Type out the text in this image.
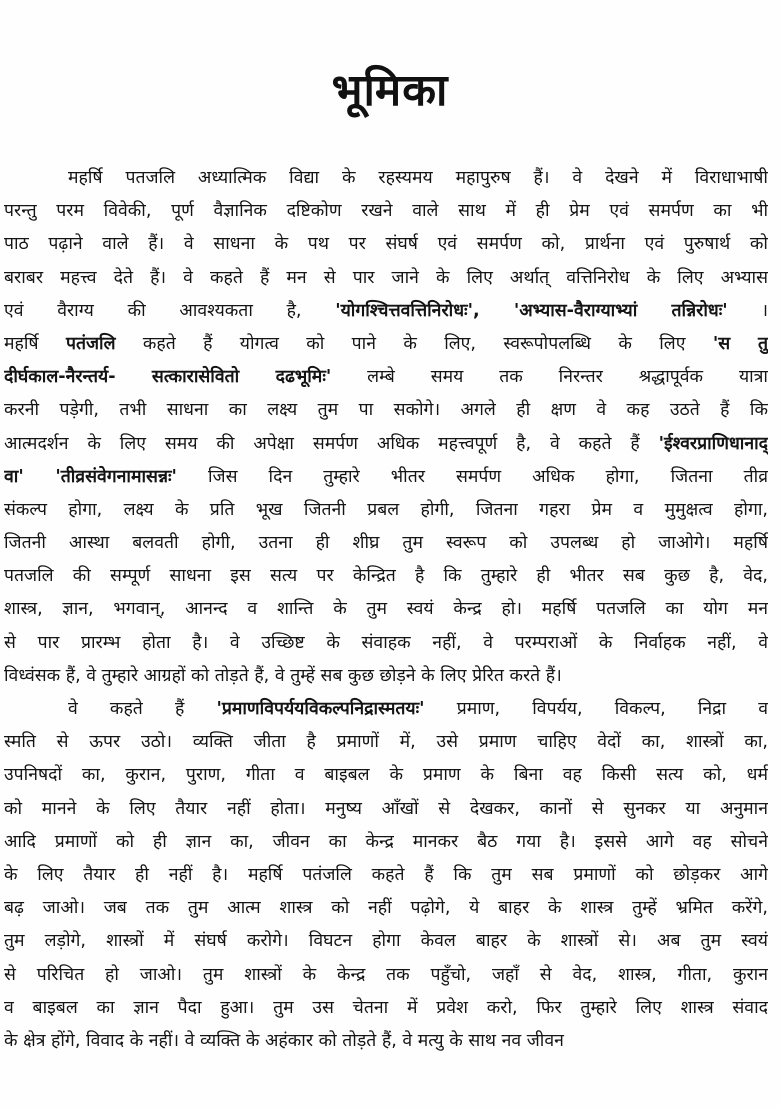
भूमिका
महर्षि पतजलि अध्यात्मिक विद्या के रहस्यमय महापुरुष हैं। वे देखने में विराधाभाषी
परन्तु परम विवेकी, पूर्ण वैज्ञानिक दष्टिकोण रखने वाले साथ में ही प्रेम एवं समर्पण का भी
पाठ पढ़ाने वाले हैं। वे साधना के पथ पर संघर्ष एवं समर्पण को, प्रार्थना एवं पुरुषार्थ को
बराबर महत्त्व देते हैं। वे कहते हैं मन से पार जाने के लिए अर्थात् वत्तिनिरोध के लिए अभ्यास
एवं वैराग्य की आवश्यकता है, 'योगश्चित्तवत्तिनिरोधः', 'अभ्यास-वैराग्याभ्यां तन्निरोधः' ।
महर्षि पतंजलि कहते हैं योगत्व को पाने के लिए, स्वरूपोपलब्धि के लिए 'स तु
दीर्घकाल-नैरन्तर्य- सत्कारासेवितो दढभूमिः' लम्बे समय तक निरन्तर श्रद्धापूर्वक यात्रा
करनी पड़ेगी, तभी साधना का लक्ष्य तुम पा सकोगे। अगले ही क्षण वे कह उठते हैं कि
आत्मदर्शन के लिए समय की अपेक्षा समर्पण अधिक महत्त्वपूर्ण है, वे कहते हैं 'ईश्वरप्राणिधानाद्
वा' 'तीव्रसंवेगनामासन्नः' जिस दिन तुम्हारे भीतर समर्पण अधिक होगा, जितना तीव्र
संकल्प होगा, लक्ष्य के प्रति भूख जितनी प्रबल होगी, जितना गहरा प्रेम व मुमुक्षत्व होगा,
जितनी आस्था बलवती होगी, उतना ही शीघ्र तुम स्वरूप को उपलब्ध हो जाओगे। महर्षि
पतजलि की सम्पूर्ण साधना इस सत्य पर केन्द्रित है कि तुम्हारे ही भीतर सब कुछ है, वेद,
शास्त्र, ज्ञान, भगवान्, आनन्द व शान्ति के तुम स्वयं केन्द्र हो। महर्षि पतजलि का योग मन
से पार प्रारम्भ होता है। वे उच्छिष्ट के संवाहक नहीं, वे परम्पराओं के निर्वाहक नहीं, वे
विध्वंसक हैं, वे तुम्हारे आग्रहों को तोड़ते हैं, वे तुम्हें सब कुछ छोड़ने के लिए प्रेरित करते हैं।
वे कहते हैं 'प्रमाणविपर्ययविकल्पनिद्रास्मतयः' प्रमाण, विपर्यय, विकल्प, निद्रा व
स्मति से ऊपर उठो। व्यक्ति जीता है प्रमाणों में, उसे प्रमाण चाहिए वेदों का, शास्त्रों का,
उपनिषदों का, कुरान, पुराण, गीता व बाइबल के प्रमाण के बिना वह किसी सत्य को, धर्म
को मानने के लिए तैयार नहीं होता। मनुष्य आँखों से देखकर, कानों से सुनकर या अनुमान
आदि प्रमाणों को ही ज्ञान का, जीवन का केन्द्र मानकर बैठ गया है। इससे आगे वह सोचने
के लिए तैयार ही नहीं है। महर्षि पतंजलि कहते हैं कि तुम सब प्रमाणों को छोड़कर आगे
बढ़ जाओ। जब तक तुम आत्म शास्त्र को नहीं पढ़ोगे, ये बाहर के शास्त्र तुम्हें भ्रमित करेंगे,
तुम लड़ोगे, शास्त्रों में संघर्ष करोगे। विघटन होगा केवल बाहर के शास्त्रों से। अब तुम स्वयं
से परिचित हो जाओ। तुम शास्त्रों के केन्द्र तक पहुँचो, जहाँ से वेद, शास्त्र, गीता, कुरान
व बाइबल का ज्ञान पैदा हुआ। तुम उस चेतना में प्रवेश करो, फिर तुम्हारे लिए शास्त्र संवाद
के क्षेत्र होंगे, विवाद के नहीं। वे व्यक्ति के अहंकार को तोड़ते हैं, वे मत्यु के साथ नव जीवन
